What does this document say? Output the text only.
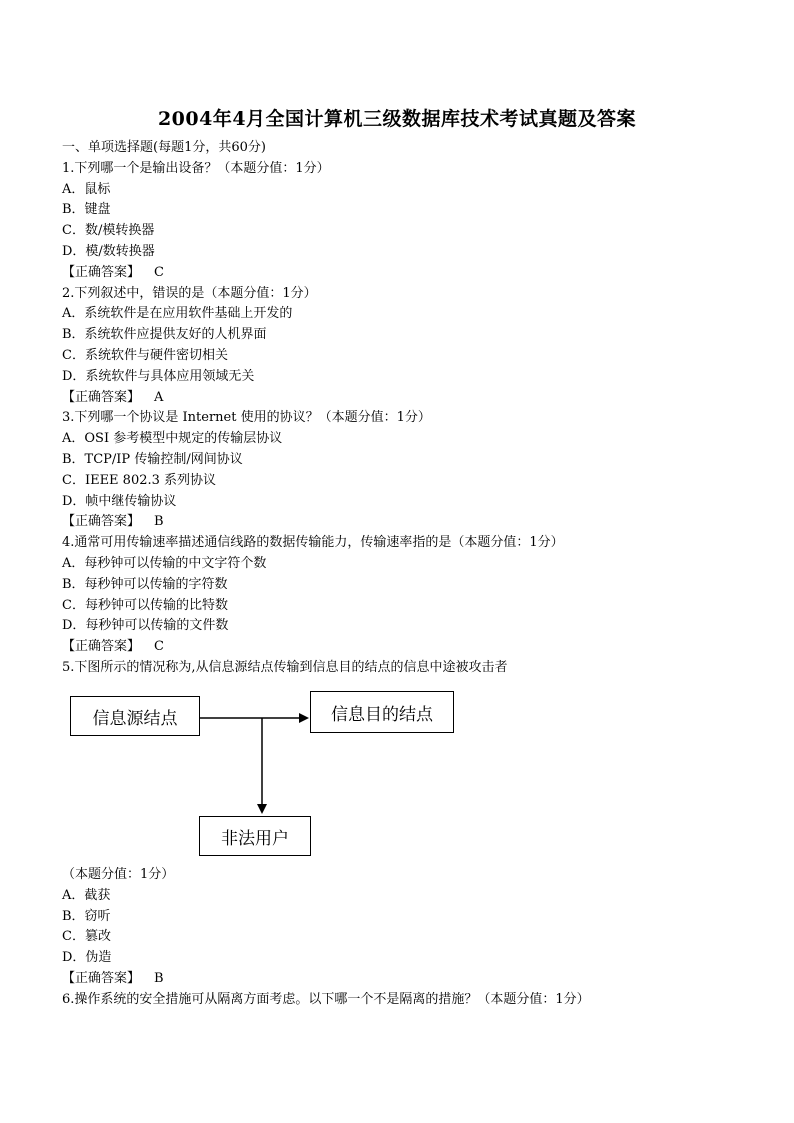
2004年4月全国计算机三级数据库技术考试真题及答案
一、单项选择题(每题1分，共60分)
1.下列哪一个是输出设备？（本题分值：1分）
A．鼠标
B．键盘
C．数/模转换器
D．模/数转换器
【正确答案】 C
2.下列叙述中，错误的是（本题分值：1分）
A．系统软件是在应用软件基础上开发的
B．系统软件应提供友好的人机界面
C．系统软件与硬件密切相关
D．系统软件与具体应用领域无关
【正确答案】 A
3.下列哪一个协议是 Internet 使用的协议？（本题分值：1分）
A．OSI 参考模型中规定的传输层协议
B．TCP/IP 传输控制/网间协议
C．IEEE 802.3 系列协议
D．帧中继传输协议
【正确答案】 B
4.通常可用传输速率描述通信线路的数据传输能力，传输速率指的是（本题分值：1分）
A．每秒钟可以传输的中文字符个数
B．每秒钟可以传输的字符数
C．每秒钟可以传输的比特数
D．每秒钟可以传输的文件数
【正确答案】 C
5.下图所示的情况称为,从信息源结点传输到信息目的结点的信息中途被攻击者
信息源结点	信息目的结点
非法用户
（本题分值：1分）
A．截获
B．窃听
C．篡改
D．伪造
【正确答案】 B
6.操作系统的安全措施可从隔离方面考虑。以下哪一个不是隔离的措施？（本题分值：1分）
